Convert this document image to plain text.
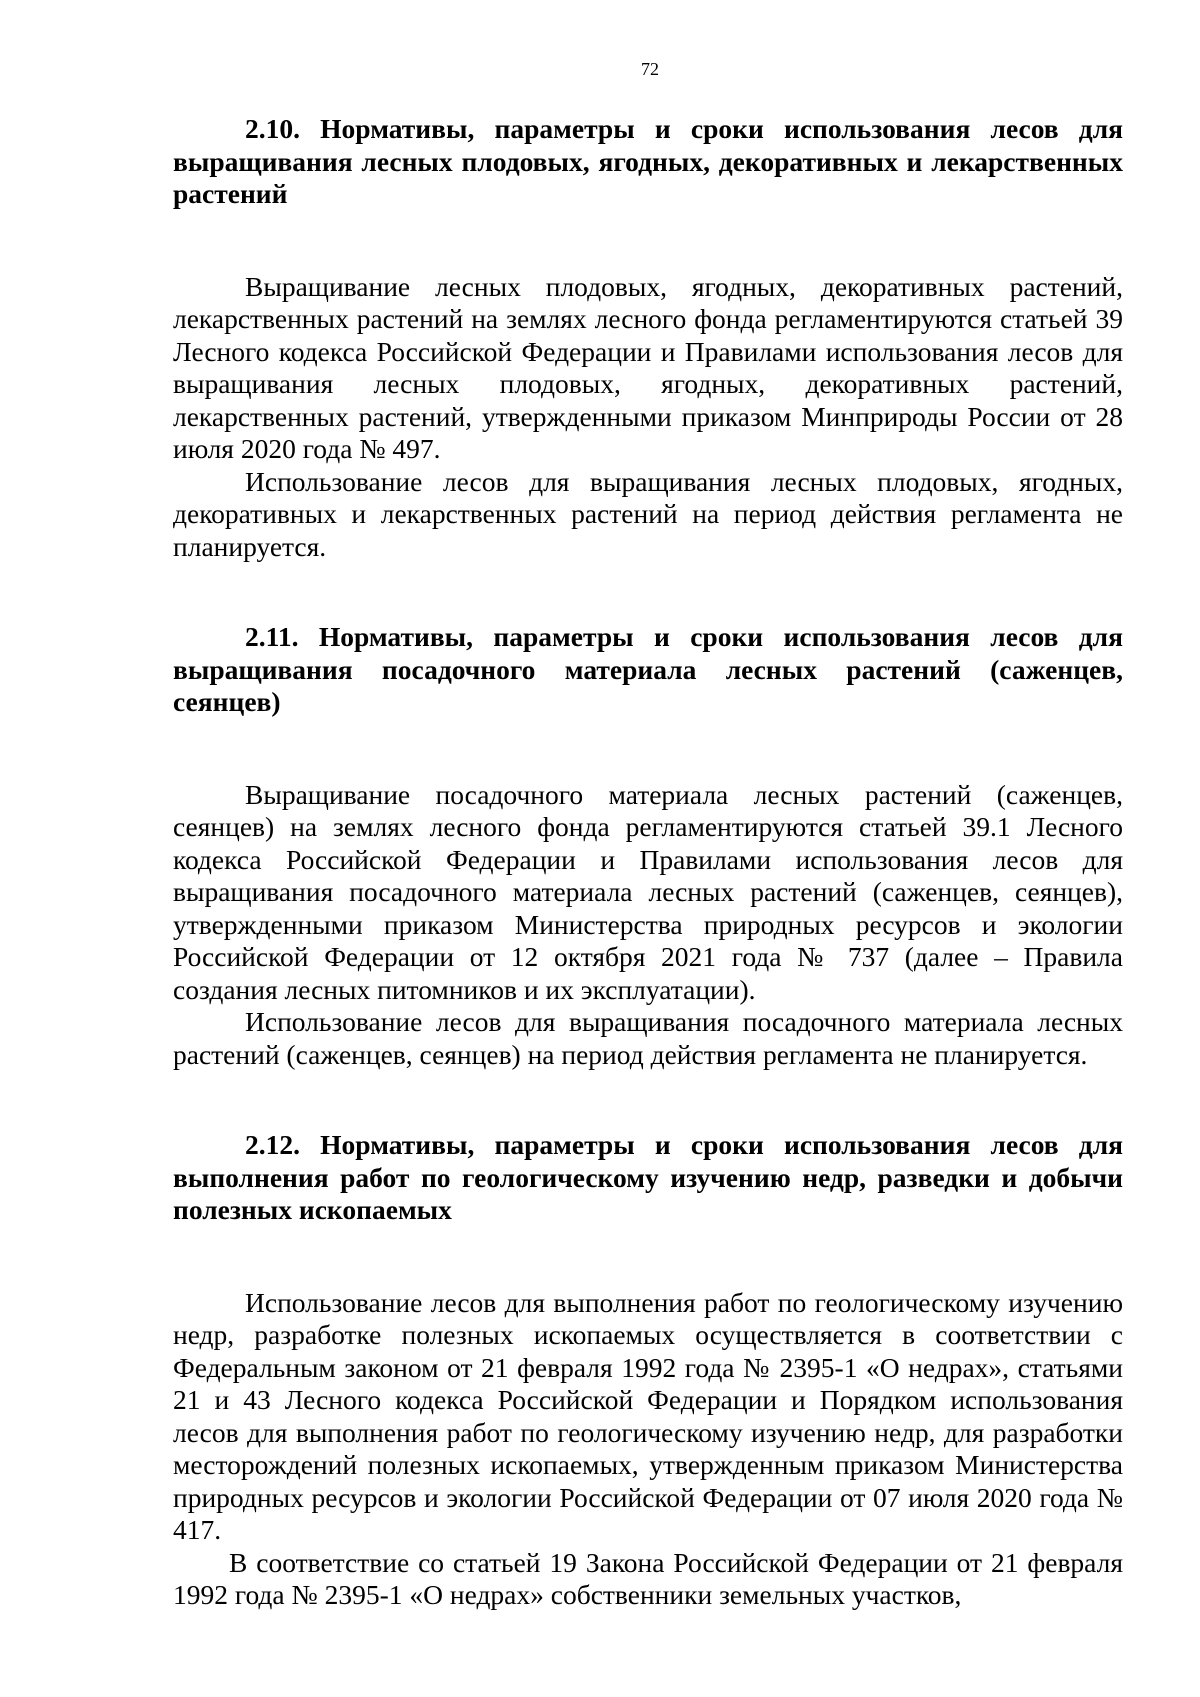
72

2.10. Нормативы, параметры и сроки использования лесов для выращивания лесных плодовых, ягодных, декоративных и лекарственных растений

Выращивание лесных плодовых, ягодных, декоративных растений, лекарственных растений на землях лесного фонда регламентируются статьей 39 Лесного кодекса Российской Федерации и Правилами использования лесов для выращивания лесных плодовых, ягодных, декоративных растений, лекарственных растений, утвержденными приказом Минприроды России от 28 июля 2020 года № 497.

Использование лесов для выращивания лесных плодовых, ягодных, декоративных и лекарственных растений на период действия регламента не планируется.

2.11. Нормативы, параметры и сроки использования лесов для выращивания посадочного материала лесных растений (саженцев, сеянцев)

Выращивание посадочного материала лесных растений (саженцев, сеянцев) на землях лесного фонда регламентируются статьей 39.1 Лесного кодекса Российской Федерации и Правилами использования лесов для выращивания посадочного материала лесных растений (саженцев, сеянцев), утвержденными приказом Министерства природных ресурсов и экологии Российской Федерации от 12 октября 2021 года № 737 (далее – Правила создания лесных питомников и их эксплуатации).

Использование лесов для выращивания посадочного материала лесных растений (саженцев, сеянцев) на период действия регламента не планируется.

2.12. Нормативы, параметры и сроки использования лесов для выполнения работ по геологическому изучению недр, разведки и добычи полезных ископаемых

Использование лесов для выполнения работ по геологическому изучению недр, разработке полезных ископаемых осуществляется в соответствии с Федеральным законом от 21 февраля 1992 года № 2395-1 «О недрах», статьями 21 и 43 Лесного кодекса Российской Федерации и Порядком использования лесов для выполнения работ по геологическому изучению недр, для разработки месторождений полезных ископаемых, утвержденным приказом Министерства природных ресурсов и экологии Российской Федерации от 07 июля 2020 года № 417.

В соответствие со статьей 19 Закона Российской Федерации от 21 февраля 1992 года № 2395-1 «О недрах» собственники земельных участков,
